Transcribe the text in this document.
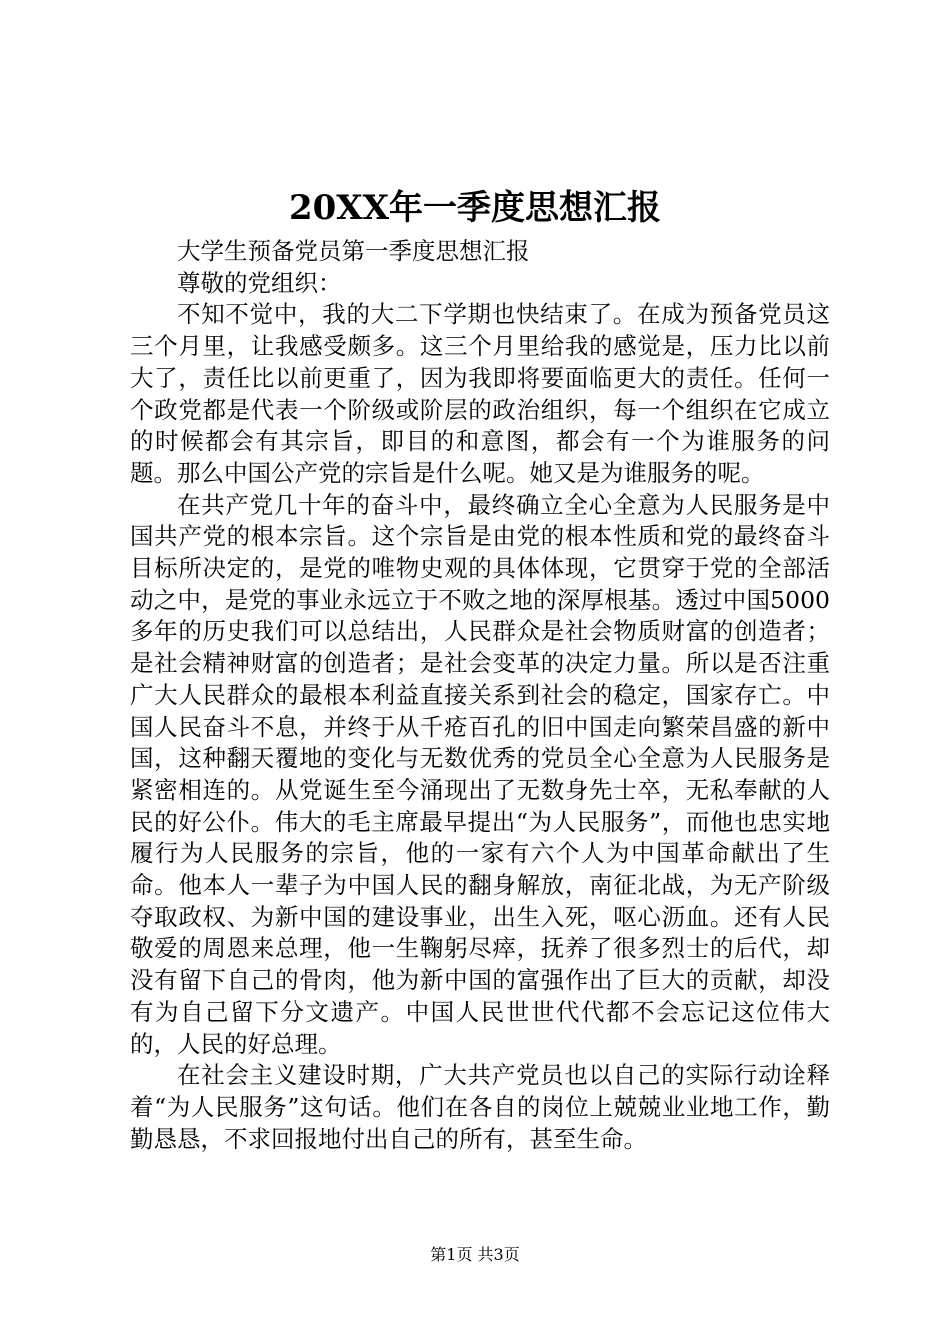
20XX年一季度思想汇报

大学生预备党员第一季度思想汇报

尊敬的党组织：

不知不觉中，我的大二下学期也快结束了。在成为预备党员这三个月里，让我感受颇多。这三个月里给我的感觉是，压力比以前大了，责任比以前更重了，因为我即将要面临更大的责任。任何一个政党都是代表一个阶级或阶层的政治组织，每一个组织在它成立的时候都会有其宗旨，即目的和意图，都会有一个为谁服务的问题。那么中国公产党的宗旨是什么呢。她又是为谁服务的呢。

在共产党几十年的奋斗中，最终确立全心全意为人民服务是中国共产党的根本宗旨。这个宗旨是由党的根本性质和党的最终奋斗目标所决定的，是党的唯物史观的具体体现，它贯穿于党的全部活动之中，是党的事业永远立于不败之地的深厚根基。透过中国5000多年的历史我们可以总结出，人民群众是社会物质财富的创造者；是社会精神财富的创造者；是社会变革的决定力量。所以是否注重广大人民群众的最根本利益直接关系到社会的稳定，国家存亡。中国人民奋斗不息，并终于从千疮百孔的旧中国走向繁荣昌盛的新中国，这种翻天覆地的变化与无数优秀的党员全心全意为人民服务是紧密相连的。从党诞生至今涌现出了无数身先士卒，无私奉献的人民的好公仆。伟大的毛主席最早提出“为人民服务”，而他也忠实地履行为人民服务的宗旨，他的一家有六个人为中国革命献出了生命。他本人一辈子为中国人民的翻身解放，南征北战，为无产阶级夺取政权、为新中国的建设事业，出生入死，呕心沥血。还有人民敬爱的周恩来总理，他一生鞠躬尽瘁，抚养了很多烈士的后代，却没有留下自己的骨肉，他为新中国的富强作出了巨大的贡献，却没有为自己留下分文遗产。中国人民世世代代都不会忘记这位伟大的，人民的好总理。

在社会主义建设时期，广大共产党员也以自己的实际行动诠释着“为人民服务”这句话。他们在各自的岗位上兢兢业业地工作，勤勤恳恳，不求回报地付出自己的所有，甚至生命。

第1页 共3页
